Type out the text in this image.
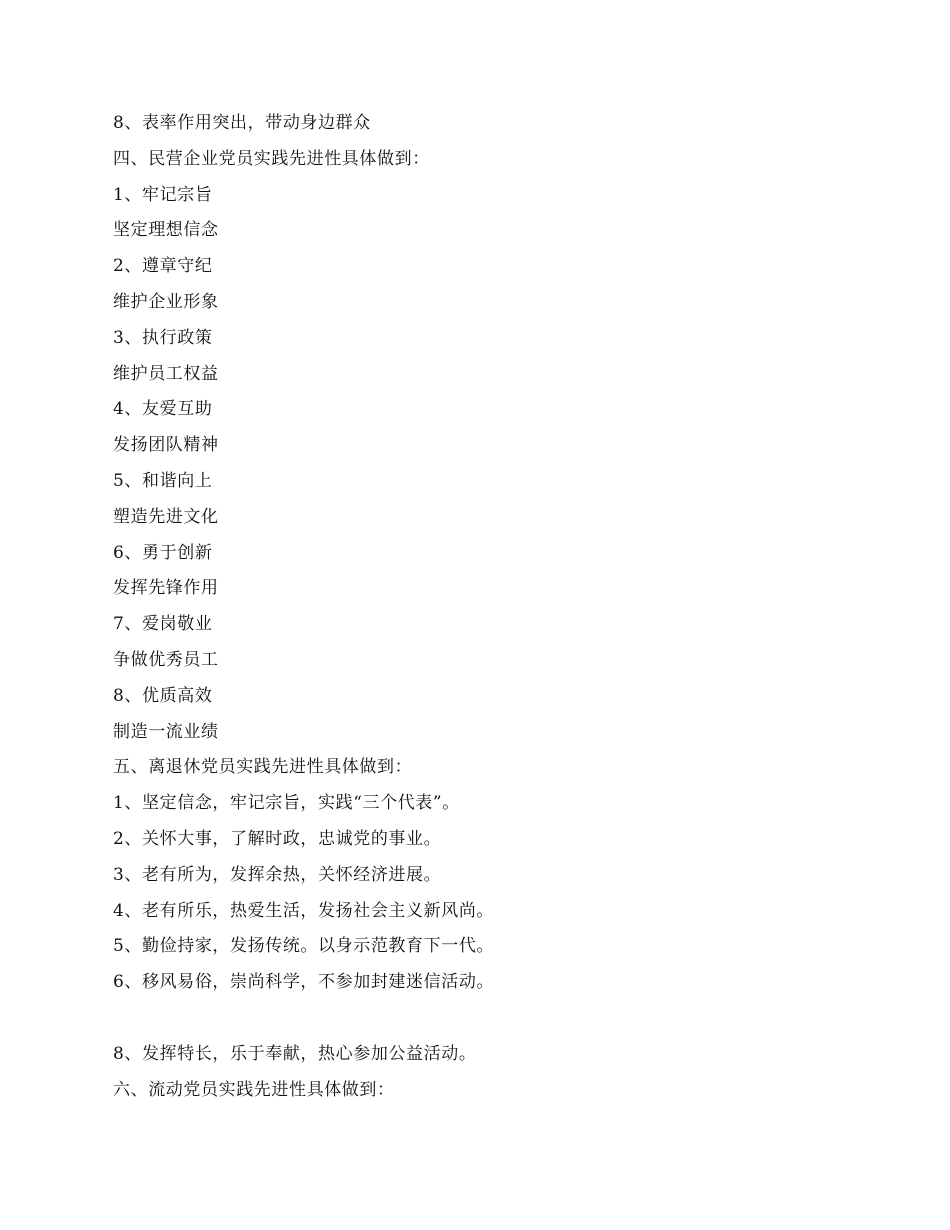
8、表率作用突出，带动身边群众
四、民营企业党员实践先进性具体做到：
1、牢记宗旨
坚定理想信念
2、遵章守纪
维护企业形象
3、执行政策
维护员工权益
4、友爱互助
发扬团队精神
5、和谐向上
塑造先进文化
6、勇于创新
发挥先锋作用
7、爱岗敬业
争做优秀员工
8、优质高效
制造一流业绩
五、离退休党员实践先进性具体做到：
1、坚定信念，牢记宗旨，实践“三个代表”。
2、关怀大事，了解时政，忠诚党的事业。
3、老有所为，发挥余热，关怀经济进展。
4、老有所乐，热爱生活，发扬社会主义新风尚。
5、勤俭持家，发扬传统。以身示范教育下一代。
6、移风易俗，崇尚科学，不参加封建迷信活动。
8、发挥特长，乐于奉献，热心参加公益活动。
六、流动党员实践先进性具体做到：
